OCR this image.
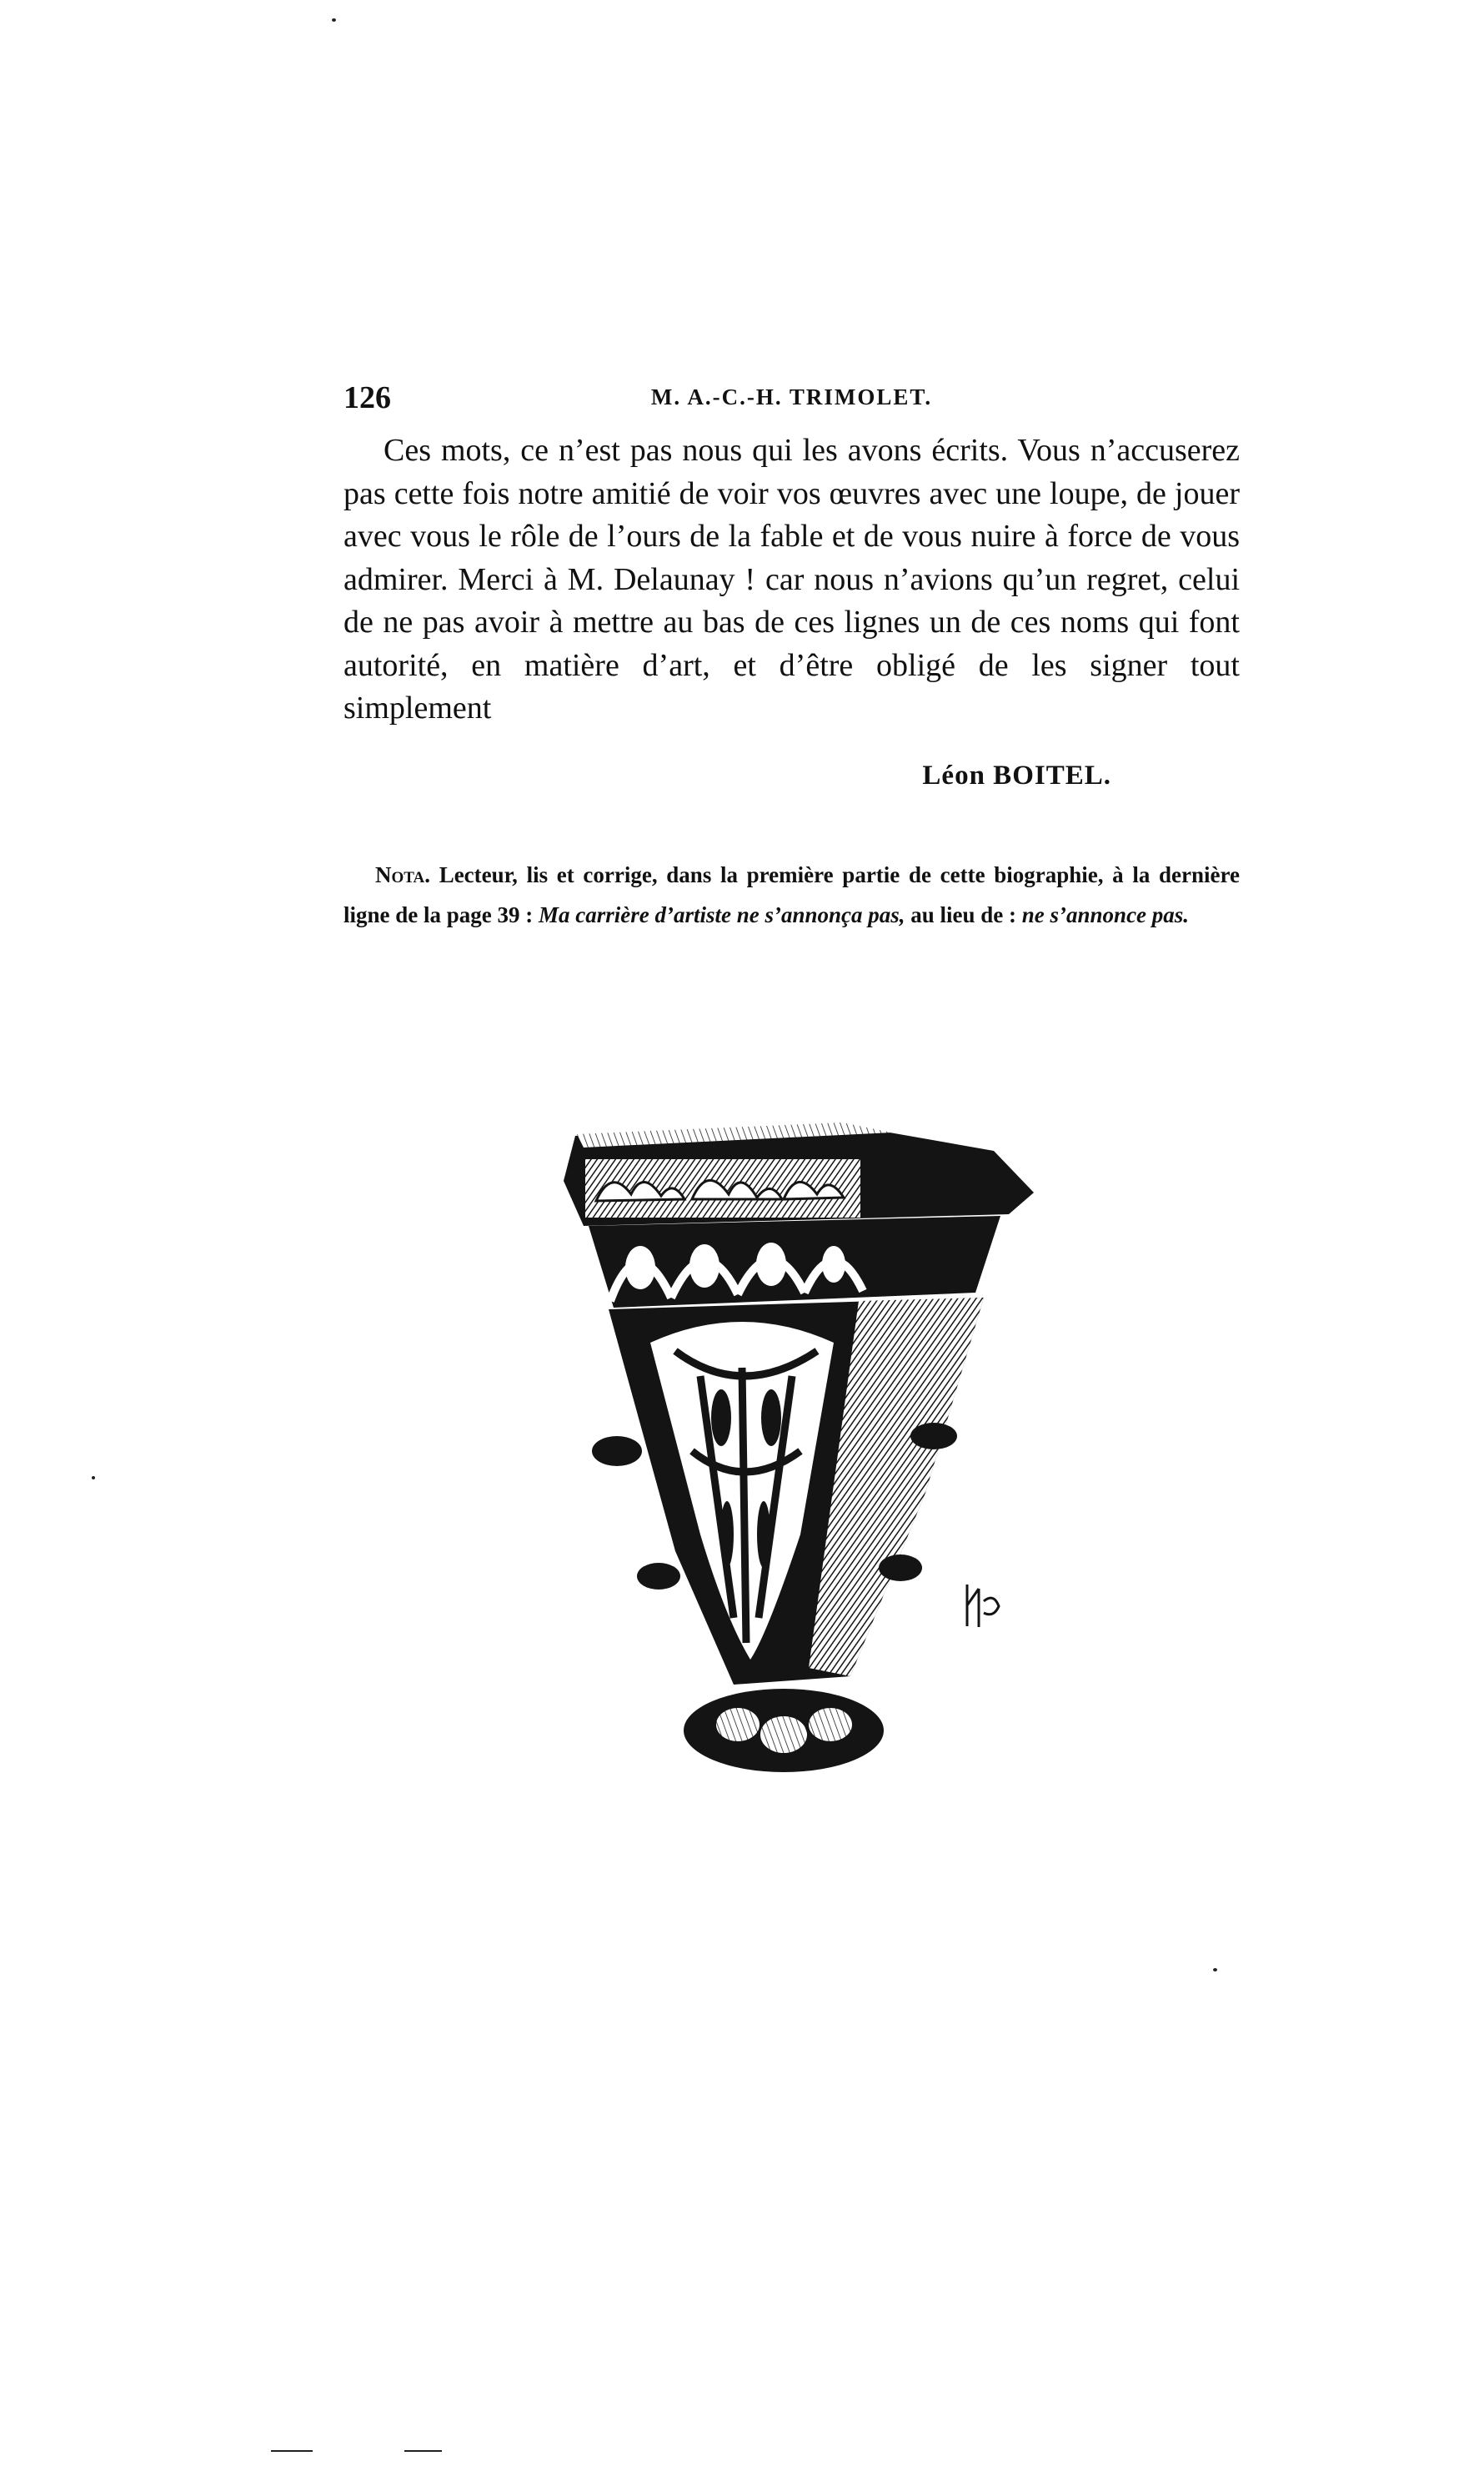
126	M. A.-C.-H. TRIMOLET.

Ces mots, ce n’est pas nous qui les avons écrits. Vous n’accuserez pas cette fois notre amitié de voir vos œuvres avec une loupe, de jouer avec vous le rôle de l’ours de la fable et de vous nuire à force de vous admirer. Merci à M. Delaunay ! car nous n’avions qu’un regret, celui de ne pas avoir à mettre au bas de ces lignes un de ces noms qui font autorité, en matière d’art, et d’être obligé de les signer tout simplement

Léon BOITEL.

Nota. Lecteur, lis et corrige, dans la première partie de cette biographie, à la dernière ligne de la page 39 : Ma carrière d’artiste ne s’annonça pas, au lieu de : ne s’annonce pas.
